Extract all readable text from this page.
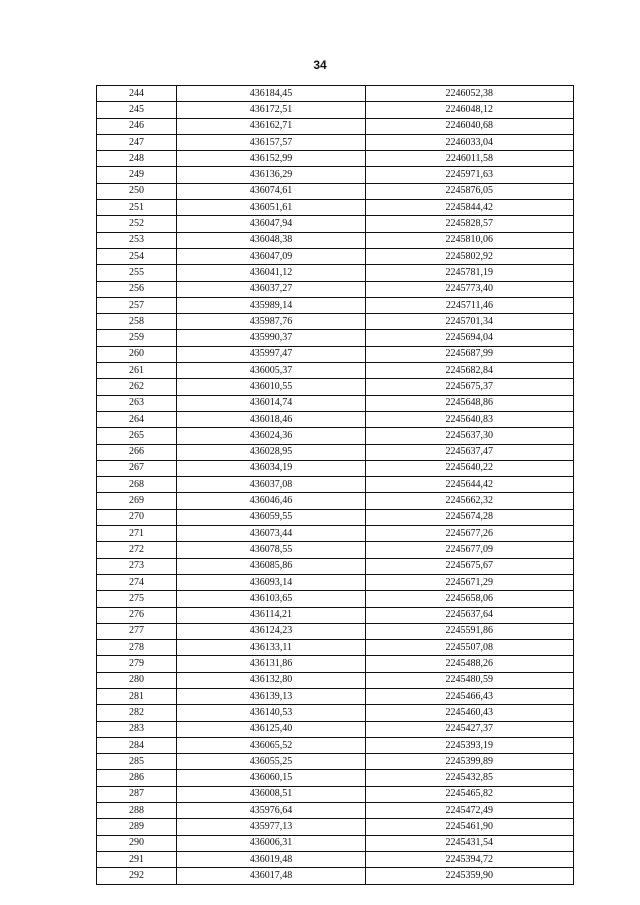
34
244	436184,45	2246052,38
245	436172,51	2246048,12
246	436162,71	2246040,68
247	436157,57	2246033,04
248	436152,99	2246011,58
249	436136,29	2245971,63
250	436074,61	2245876,05
251	436051,61	2245844,42
252	436047,94	2245828,57
253	436048,38	2245810,06
254	436047,09	2245802,92
255	436041,12	2245781,19
256	436037,27	2245773,40
257	435989,14	2245711,46
258	435987,76	2245701,34
259	435990,37	2245694,04
260	435997,47	2245687,99
261	436005,37	2245682,84
262	436010,55	2245675,37
263	436014,74	2245648,86
264	436018,46	2245640,83
265	436024,36	2245637,30
266	436028,95	2245637,47
267	436034,19	2245640,22
268	436037,08	2245644,42
269	436046,46	2245662,32
270	436059,55	2245674,28
271	436073,44	2245677,26
272	436078,55	2245677,09
273	436085,86	2245675,67
274	436093,14	2245671,29
275	436103,65	2245658,06
276	436114,21	2245637,64
277	436124,23	2245591,86
278	436133,11	2245507,08
279	436131,86	2245488,26
280	436132,80	2245480,59
281	436139,13	2245466,43
282	436140,53	2245460,43
283	436125,40	2245427,37
284	436065,52	2245393,19
285	436055,25	2245399,89
286	436060,15	2245432,85
287	436008,51	2245465,82
288	435976,64	2245472,49
289	435977,13	2245461,90
290	436006,31	2245431,54
291	436019,48	2245394,72
292	436017,48	2245359,90
